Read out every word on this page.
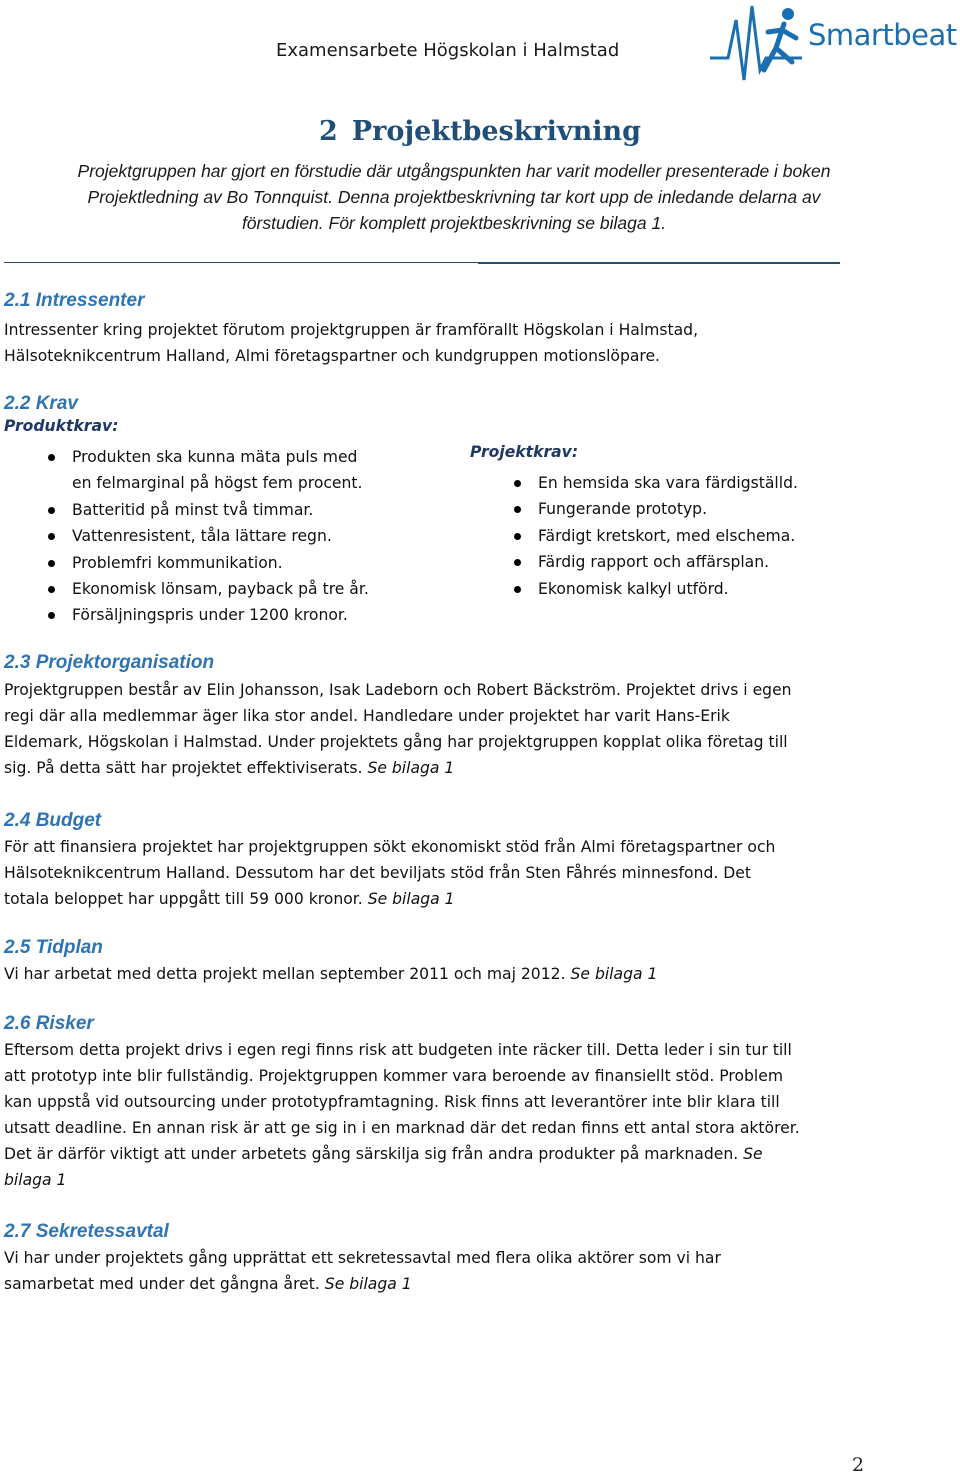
Examensarbete Högskolan i Halmstad	Smartbeat
2 Projektbeskrivning
Projektgruppen har gjort en förstudie där utgångspunkten har varit modeller presenterade i boken
Projektledning av Bo Tonnquist. Denna projektbeskrivning tar kort upp de inledande delarna av
förstudien. För komplett projektbeskrivning se bilaga 1.
2.1 Intressenter
Intressenter kring projektet förutom projektgruppen är framförallt Högskolan i Halmstad,
Hälsoteknikcentrum Halland, Almi företagspartner och kundgruppen motionslöpare.
2.2 Krav
Produktkrav:
Produkten ska kunna mäta puls med
en felmarginal på högst fem procent.
Batteritid på minst två timmar.
Vattenresistent, tåla lättare regn.
Problemfri kommunikation.
Ekonomisk lönsam, payback på tre år.
Försäljningspris under 1200 kronor.
Projektkrav:
En hemsida ska vara färdigställd.
Fungerande prototyp.
Färdigt kretskort, med elschema.
Färdig rapport och affärsplan.
Ekonomisk kalkyl utförd.
2.3 Projektorganisation
Projektgruppen består av Elin Johansson, Isak Ladeborn och Robert Bäckström. Projektet drivs i egen
regi där alla medlemmar äger lika stor andel. Handledare under projektet har varit Hans-Erik
Eldemark, Högskolan i Halmstad. Under projektets gång har projektgruppen kopplat olika företag till
sig. På detta sätt har projektet effektiviserats. Se bilaga 1
2.4 Budget
För att finansiera projektet har projektgruppen sökt ekonomiskt stöd från Almi företagspartner och
Hälsoteknikcentrum Halland. Dessutom har det beviljats stöd från Sten Fåhrés minnesfond. Det
totala beloppet har uppgått till 59 000 kronor. Se bilaga 1
2.5 Tidplan
Vi har arbetat med detta projekt mellan september 2011 och maj 2012. Se bilaga 1
2.6 Risker
Eftersom detta projekt drivs i egen regi finns risk att budgeten inte räcker till. Detta leder i sin tur till
att prototyp inte blir fullständig. Projektgruppen kommer vara beroende av finansiellt stöd. Problem
kan uppstå vid outsourcing under prototypframtagning. Risk finns att leverantörer inte blir klara till
utsatt deadline. En annan risk är att ge sig in i en marknad där det redan finns ett antal stora aktörer.
Det är därför viktigt att under arbetets gång särskilja sig från andra produkter på marknaden. Se
bilaga 1
2.7 Sekretessavtal
Vi har under projektets gång upprättat ett sekretessavtal med flera olika aktörer som vi har
samarbetat med under det gångna året. Se bilaga 1
2
